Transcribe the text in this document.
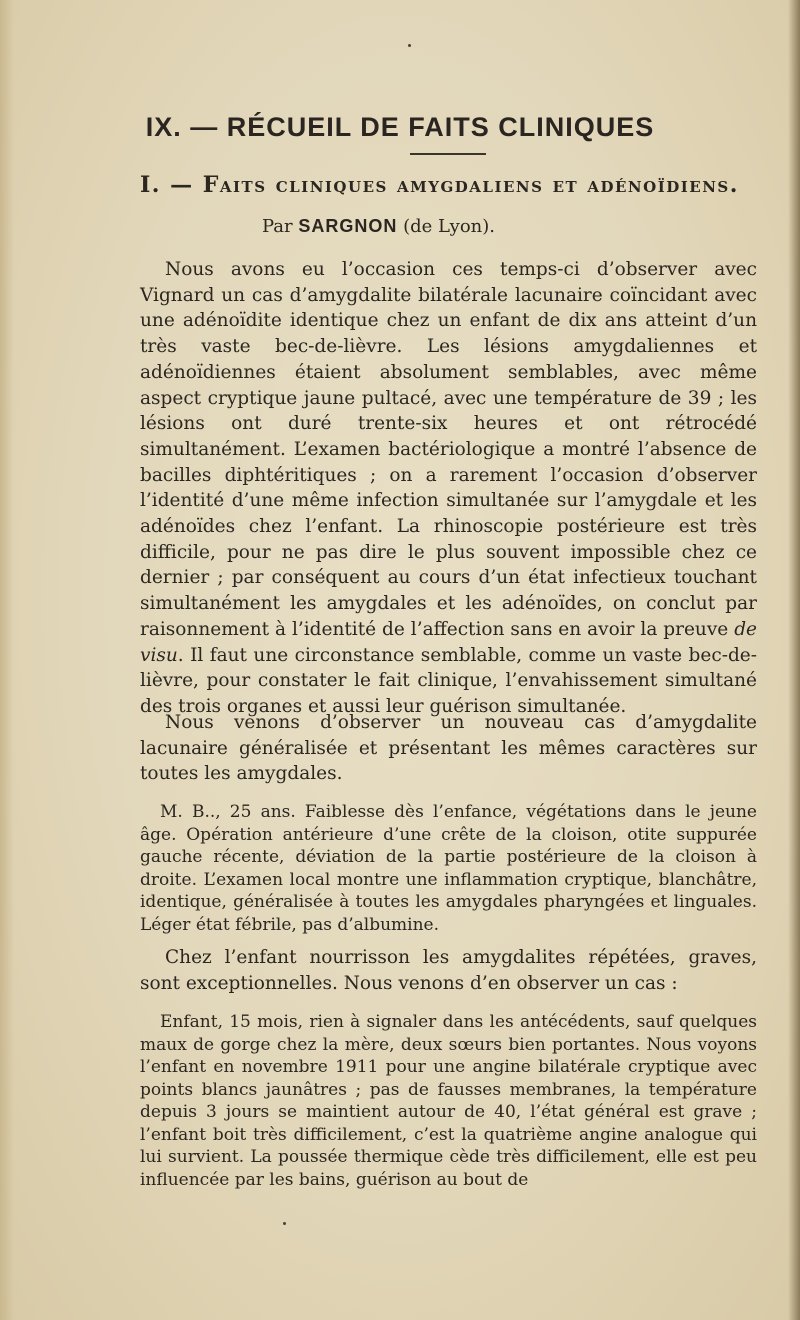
IX. — RÉCUEIL DE FAITS CLINIQUES
I. — Faits cliniques amygdaliens et adénoïdiens.
Par SARGNON (de Lyon).

Nous avons eu l’occasion ces temps-ci d’observer avec Vignard un cas d’amygdalite bilatérale lacunaire coïncidant avec une adénoïdite identique chez un enfant de dix ans atteint d’un très vaste bec-de-lièvre. Les lésions amygdaliennes et adénoïdiennes étaient absolument semblables, avec même aspect cryptique jaune pultacé, avec une température de 39 ; les lésions ont duré trente-six heures et ont rétrocédé simultanément. L’examen bactériologique a montré l’absence de bacilles diphtéritiques ; on a rarement l’occasion d’observer l’identité d’une même infection simultanée sur l’amygdale et les adénoïdes chez l’enfant. La rhinoscopie postérieure est très difficile, pour ne pas dire le plus souvent impossible chez ce dernier ; par conséquent au cours d’un état infectieux touchant simultanément les amygdales et les adénoïdes, on conclut par raisonnement à l’identité de l’affection sans en avoir la preuve de visu. Il faut une circonstance semblable, comme un vaste bec-de-lièvre, pour constater le fait clinique, l’envahissement simultané des trois organes et aussi leur guérison simultanée.

Nous venons d’observer un nouveau cas d’amygdalite lacunaire généralisée et présentant les mêmes caractères sur toutes les amygdales.

M. B.., 25 ans. Faiblesse dès l’enfance, végétations dans le jeune âge. Opération antérieure d’une crête de la cloison, otite suppurée gauche récente, déviation de la partie postérieure de la cloison à droite. L’examen local montre une inflammation cryptique, blanchâtre, identique, généralisée à toutes les amygdales pharyngées et linguales. Léger état fébrile, pas d’albumine.

Chez l’enfant nourrisson les amygdalites répétées, graves, sont exceptionnelles. Nous venons d’en observer un cas :

Enfant, 15 mois, rien à signaler dans les antécédents, sauf quelques maux de gorge chez la mère, deux sœurs bien portantes. Nous voyons l’enfant en novembre 1911 pour une angine bilatérale cryptique avec points blancs jaunâtres ; pas de fausses membranes, la température depuis 3 jours se maintient autour de 40, l’état général est grave ; l’enfant boit très difficilement, c’est la quatrième angine analogue qui lui survient. La poussée thermique cède très difficilement, elle est peu influencée par les bains, guérison au bout de
